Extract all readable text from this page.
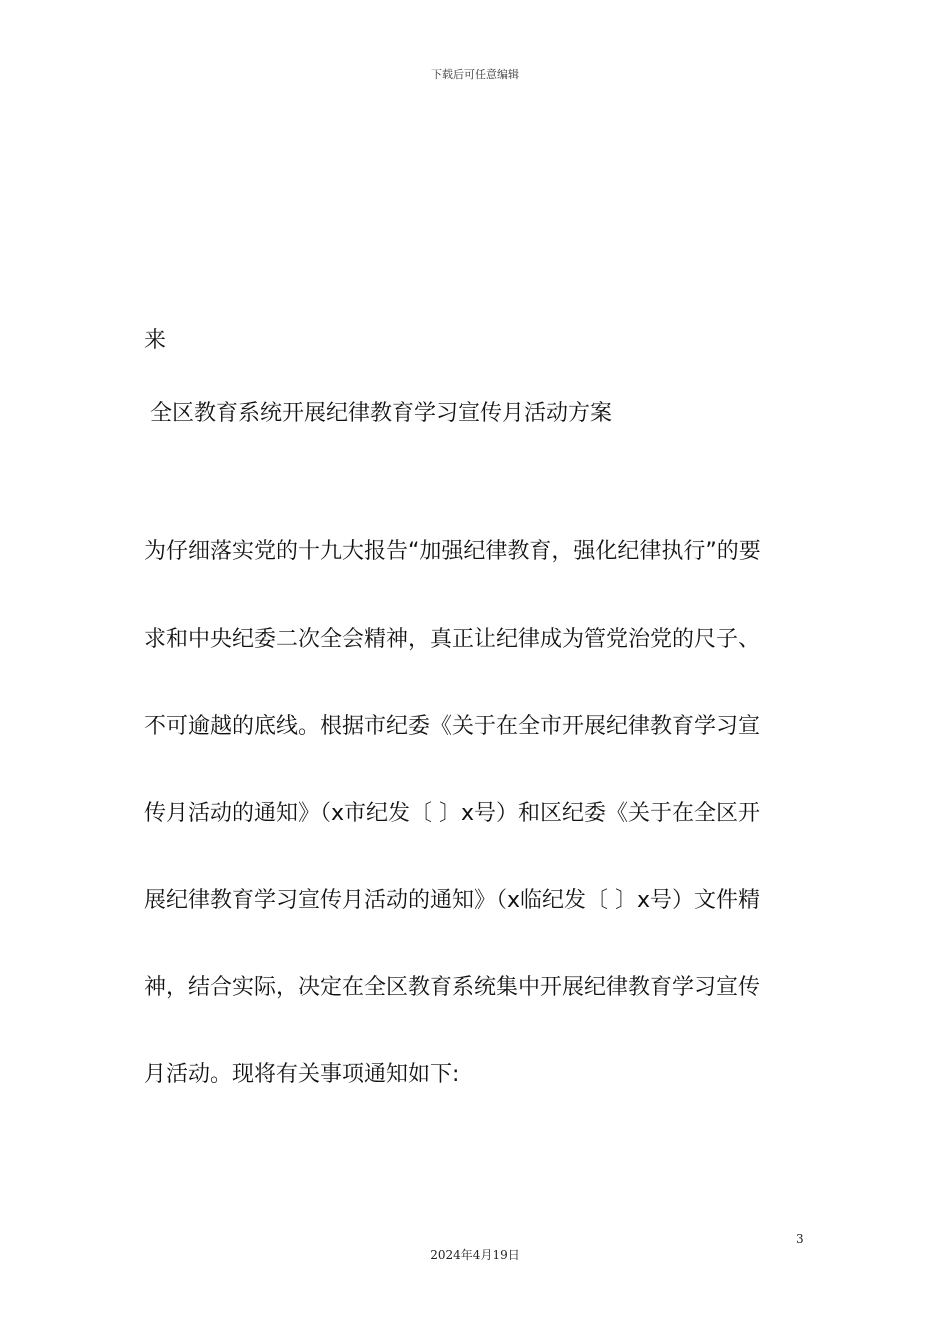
下载后可任意编辑
来
全区教育系统开展纪律教育学习宣传月活动方案
为仔细落实党的十九大报告“加强纪律教育，强化纪律执行”的要
求和中央纪委二次全会精神，真正让纪律成为管党治党的尺子、
不可逾越的底线。根据市纪委《关于在全市开展纪律教育学习宣
传月活动的通知》（x市纪发〔 〕x号）和区纪委《关于在全区开
展纪律教育学习宣传月活动的通知》（x临纪发〔 〕x号）文件精
神，结合实际，决定在全区教育系统集中开展纪律教育学习宣传
月活动。现将有关事项通知如下:
3
2024年4月19日
